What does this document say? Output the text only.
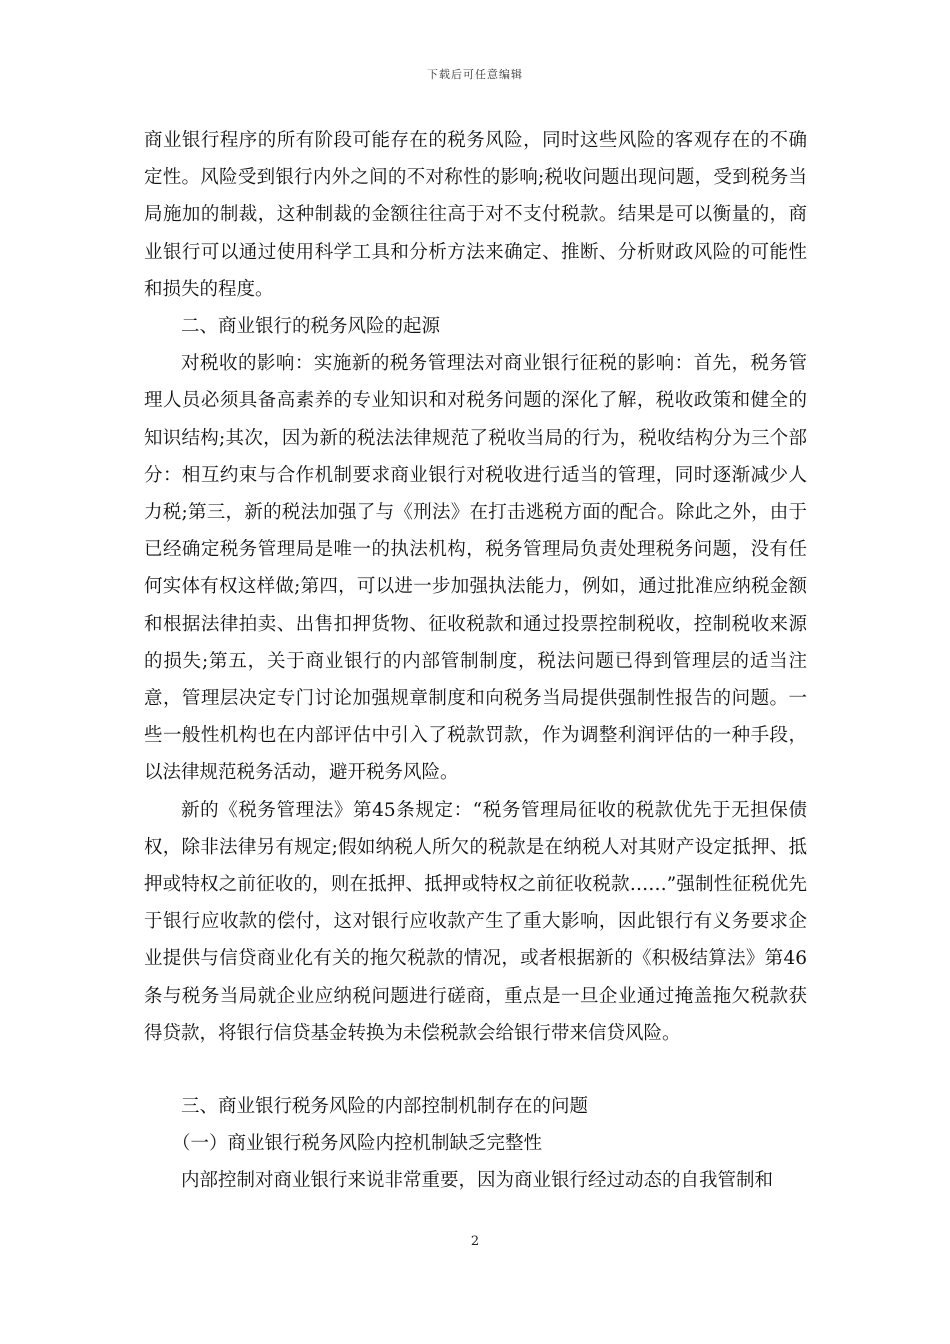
下载后可任意编辑

商业银行程序的所有阶段可能存在的税务风险，同时这些风险的客观存在的不确定性。风险受到银行内外之间的不对称性的影响;税收问题出现问题，受到税务当局施加的制裁，这种制裁的金额往往高于对不支付税款。结果是可以衡量的，商业银行可以通过使用科学工具和分析方法来确定、推断、分析财政风险的可能性和损失的程度。

二、商业银行的税务风险的起源

对税收的影响：实施新的税务管理法对商业银行征税的影响：首先，税务管理人员必须具备高素养的专业知识和对税务问题的深化了解，税收政策和健全的知识结构;其次，因为新的税法法律规范了税收当局的行为，税收结构分为三个部分：相互约束与合作机制要求商业银行对税收进行适当的管理，同时逐渐减少人力税;第三，新的税法加强了与《刑法》在打击逃税方面的配合。除此之外，由于已经确定税务管理局是唯一的执法机构，税务管理局负责处理税务问题，没有任何实体有权这样做;第四，可以进一步加强执法能力，例如，通过批准应纳税金额和根据法律拍卖、出售扣押货物、征收税款和通过投票控制税收，控制税收来源的损失;第五，关于商业银行的内部管制制度，税法问题已得到管理层的适当注意，管理层决定专门讨论加强规章制度和向税务当局提供强制性报告的问题。一些一般性机构也在内部评估中引入了税款罚款，作为调整利润评估的一种手段，以法律规范税务活动，避开税务风险。

新的《税务管理法》第45条规定：“税务管理局征收的税款优先于无担保债权，除非法律另有规定;假如纳税人所欠的税款是在纳税人对其财产设定抵押、抵押或特权之前征收的，则在抵押、抵押或特权之前征收税款……”强制性征税优先于银行应收款的偿付，这对银行应收款产生了重大影响，因此银行有义务要求企业提供与信贷商业化有关的拖欠税款的情况，或者根据新的《积极结算法》第46条与税务当局就企业应纳税问题进行磋商，重点是一旦企业通过掩盖拖欠税款获得贷款，将银行信贷基金转换为未偿税款会给银行带来信贷风险。

三、商业银行税务风险的内部控制机制存在的问题

（一）商业银行税务风险内控机制缺乏完整性

内部控制对商业银行来说非常重要，因为商业银行经过动态的自我管制和

2
